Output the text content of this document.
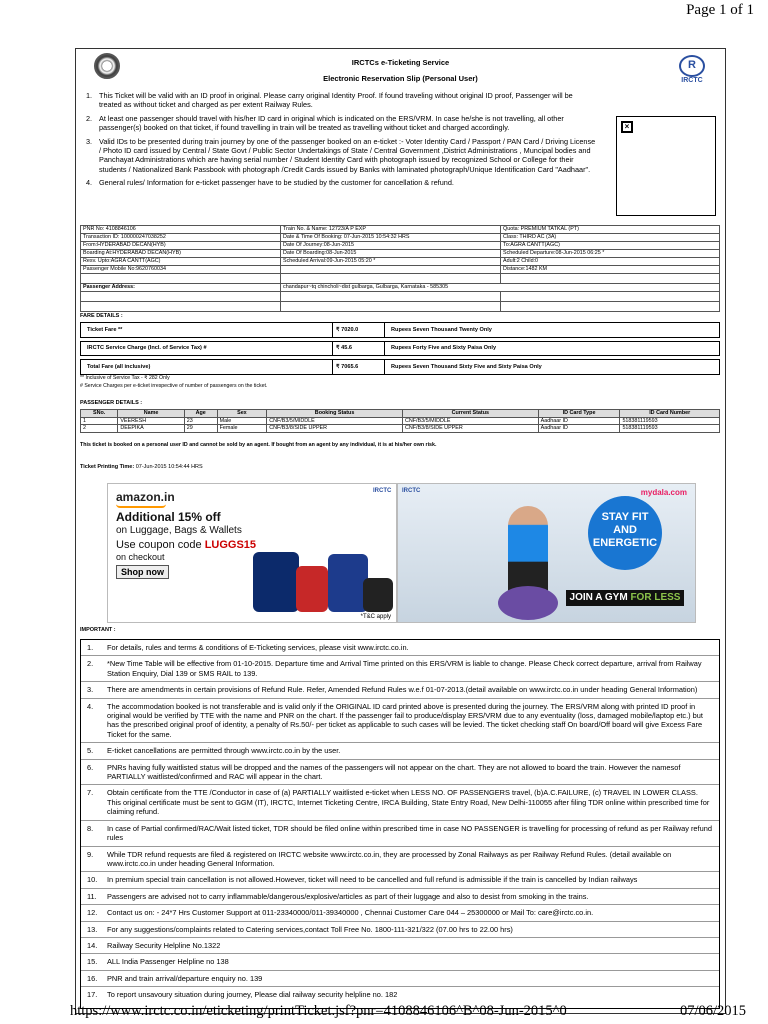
Page 1 of 1
IRCTCs e-Ticketing Service
Electronic Reservation Slip (Personal User)
R
IRCTC
1. This Ticket will be valid with an ID proof in original. Please carry original Identity Proof. If found traveling without original ID proof, Passenger will be treated as without ticket and charged as per extent Railway Rules.
2. At least one passenger should travel with his/her ID card in original which is indicated on the ERS/VRM. In case he/she is not travelling, all other passenger(s) booked on that ticket, if found travelling in train will be treated as travelling without ticket and charged accordingly.
3. Valid IDs to be presented during train journey by one of the passenger booked on an e-ticket :- Voter Identity Card / Passport / PAN Card / Driving License / Photo ID card issued by Central / State Govt / Public Sector Undertakings of State / Central Government ,District Administrations , Muncipal bodies and Panchayat Administrations which are having serial number / Student Identity Card with photograph issued by recognized School or College for their students / Nationalized Bank Passbook with photograph /Credit Cards issued by Banks with laminated photograph/Unique Identification Card "Aadhaar".
4. General rules/ Information for e-ticket passenger have to be studied by the customer for cancellation & refund.
×
PNR No: 4108846106	Train No. & Name: 12723/A P EXP	Quota: PREMIUM TATKAL (PT)
Transaction ID: 100000247038252	Date & Time Of Booking: 07-Jun-2015 10:54:32 HRS	Class: THIRD AC (3A)
From:HYDERABAD DECAN(HYB)	Date Of Journey:08-Jun-2015	To:AGRA CANTT(AGC)
Boarding At:HYDERABAD DECAN(HYB)	Date Of Boarding:08-Jun-2015	Scheduled Departure:08-Jun-2015 06:25 *
Resv. Upto:AGRA CANTT(AGC)	Scheduled Arrival:09-Jun-2015 05:20 *	Adult:2 Child:0
Passenger Mobile No:9620760034		Distance:1482 KM

Passenger Address:	chandapur~tq chincholi~dist gulbarga, Gulbarga, Karnataka - 585305	

FARE DETAILS :
Ticket Fare **	₹ 7020.0	Rupees Seven Thousand Twenty Only

IRCTC Service Charge (Incl. of Service Tax) #	₹ 45.6	Rupees Forty Five and Sixty Paisa Only

Total Fare (all inclusive)	₹ 7065.6	Rupees Seven Thousand Sixty Five and Sixty Paisa Only
** Inclusive of Service Tax - ₹ 282 Only
# Service Charges per e-ticket irrespective of number of passengers on the ticket.
PASSENGER DETAILS :
SNo.	Name	Age	Sex	Booking Status	Current Status	ID Card Type	ID Card Number
1	VEERESH	23	Male	CNF/B3/5/MIDDLE	CNF/B3/5/MIDDLE	Aadhaar ID	518381119593
2	DEEPIKA	29	Female	CNF/B3/8/SIDE UPPER	CNF/B3/8/SIDE UPPER	Aadhaar ID	518381119593
This ticket is booked on a personal user ID and cannot be sold by an agent. If bought from an agent by any individual, it is at his/her own risk.
Ticket Printing Time: 07-Jun-2015 10:54:44 HRS
amazon.in
Additional 15% off
on Luggage, Bags & Wallets
Use coupon code LUGGS15
on checkout
Shop now
IRCTC
*T&C apply
IRCTC	mydala.com
STAY FIT
AND
ENERGETIC
JOIN A GYM FOR LESS
IMPORTANT :
1. For details, rules and terms & conditions of E-Ticketing services, please visit www.irctc.co.in.
2. *New Time Table will be effective from 01-10-2015. Departure time and Arrival Time printed on this ERS/VRM is liable to change. Please Check correct departure, arrival from Railway Station Enquiry, Dial 139 or SMS RAIL to 139.
3. There are amendments in certain provisions of Refund Rule. Refer, Amended Refund Rules w.e.f 01-07-2013.(detail available on www.irctc.co.in under heading General Information)
4. The accommodation booked is not transferable and is valid only if the ORIGINAL ID card printed above is presented during the journey. The ERS/VRM along with printed ID proof in original would be verified by TTE with the name and PNR on the chart. If the passenger fail to produce/display ERS/VRM due to any eventuality (loss, damaged mobile/laptop etc.) but has the prescribed original proof of identity, a penalty of Rs.50/- per ticket as applicable to such cases will be levied. The ticket checking staff On board/Off board will give Excess Fare Ticket for the same.
5. E-ticket cancellations are permitted through www.irctc.co.in by the user.
6. PNRs having fully waitlisted status will be dropped and the names of the passengers will not appear on the chart. They are not allowed to board the train. However the namesof PARTIALLY waitlisted/confirmed and RAC will appear in the chart.
7. Obtain certificate from the TTE /Conductor in case of (a) PARTIALLY waitlisted e-ticket when LESS NO. OF PASSENGERS travel, (b)A.C.FAILURE, (c) TRAVEL IN LOWER CLASS. This original certificate must be sent to GGM (IT), IRCTC, Internet Ticketing Centre, IRCA Building, State Entry Road, New Delhi-110055 after filing TDR online within prescribed time for claiming refund.
8. In case of Partial confirmed/RAC/Wait listed ticket, TDR should be filed online within prescribed time in case NO PASSENGER is travelling for processing of refund as per Railway refund rules
9. While TDR refund requests are filed & registered on IRCTC website www.irctc.co.in, they are processed by Zonal Railways as per Railway Refund Rules. (detail available on www.irctc.co.in under heading General Information.
10. In premium special train cancellation is not allowed.However, ticket will need to be cancelled and full refund is admissible if the train is cancelled by Indian railways
11. Passengers are advised not to carry inflammable/dangerous/explosive/articles as part of their luggage and also to desist from smoking in the trains.
12. Contact us on: - 24*7 Hrs Customer Support at 011-23340000/011-39340000 , Chennai Customer Care 044 – 25300000 or Mail To: care@irctc.co.in.
13. For any suggestions/complaints related to Catering services,contact Toll Free No. 1800-111-321/322 (07.00 hrs to 22.00 hrs)
14. Railway Security Helpline No.1322
15. ALL India Passenger Helpline no 138
16. PNR and train arrival/departure enquiry no. 139
17. To report unsavoury situation during journey, Please dial railway security helpline no. 182
https://www.irctc.co.in/eticketing/printTicket.jsf?pnr=4108846106^B^08-Jun-2015^0	07/06/2015
